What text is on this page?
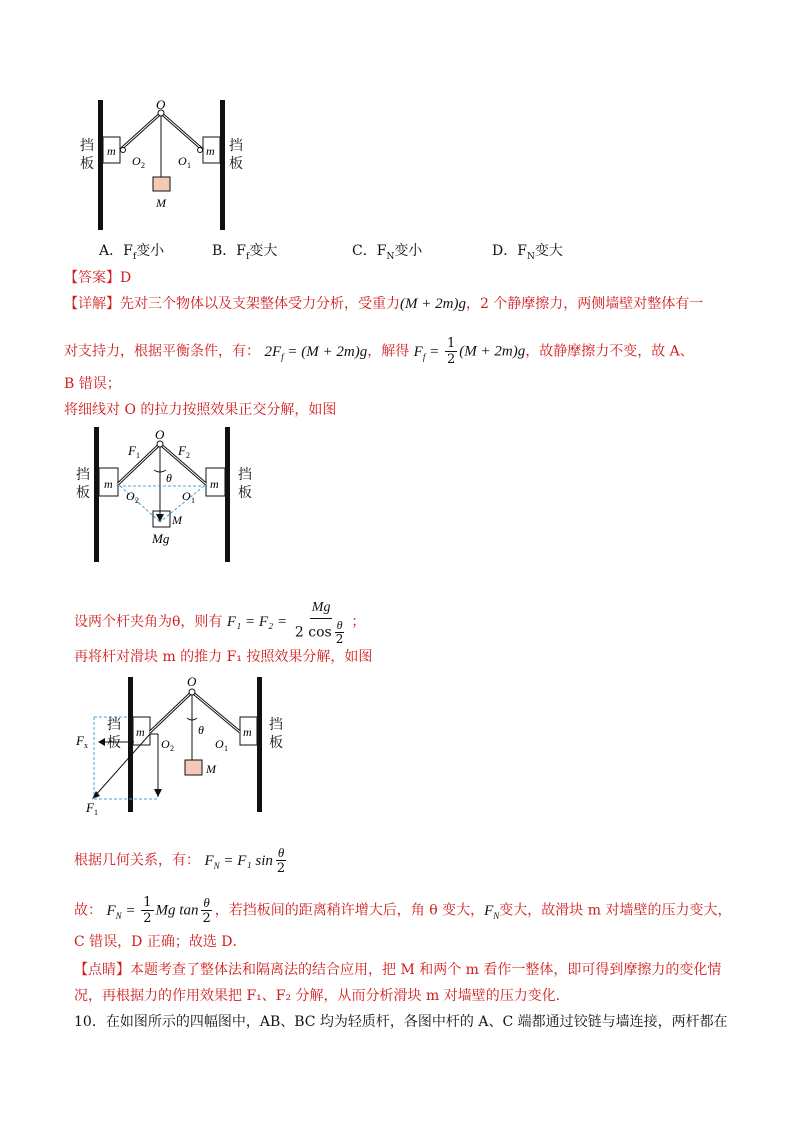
O
m	m
O 2	O 1
M
挡板
挡板
A．$F_f$变小	B．$F_f$变大	C．$F_N$变小	D．$F_N$变大
【答案】D
【详解】先对三个物体以及支架整体受力分析，受重力(M + 2m)g，2 个静摩擦力，两侧墙壁对整体有一
对支持力，根据平衡条件，有： $2F_f = (M + 2m)g$，解得 $F_f = \frac{1}{2} (M + 2m)g$，故静摩擦力不变，故 A、
B 错误；
将细线对 O 的拉力按照效果正交分解，如图
O
F 1	F 2
θ
m	m
O 2	O 1
M
Mg
挡板
挡板
设两个杆夹角为θ，则有 $F_1 = F_2 = \frac{Mg}{2 \cos \frac{\theta}{2}}$ ；
再将杆对滑块 m 的推力 F₁ 按照效果分解，如图
O
F x
F 1
θ
m	m
O 2	O 1
M
挡板
挡板
根据几何关系，有： $F_N = F_1$ $\sin \frac{\theta}{2}$
故： $F_N = \frac{1}{2}$ Mg $\tan \frac{\theta}{2}$ ，若挡板间的距离稍许增大后，角 θ 变大，$F_N$变大，故滑块 m 对墙壁的压力变大，
C 错误，D 正确；故选 D．
【点睛】本题考查了整体法和隔离法的结合应用，把 M 和两个 m 看作一整体，即可得到摩擦力的变化情
况，再根据力的作用效果把 F₁、F₂ 分解，从而分析滑块 m 对墙壁的压力变化．
10．在如图所示的四幅图中，AB、BC 均为轻质杆，各图中杆的 A、C 端都通过铰链与墙连接，两杆都在
